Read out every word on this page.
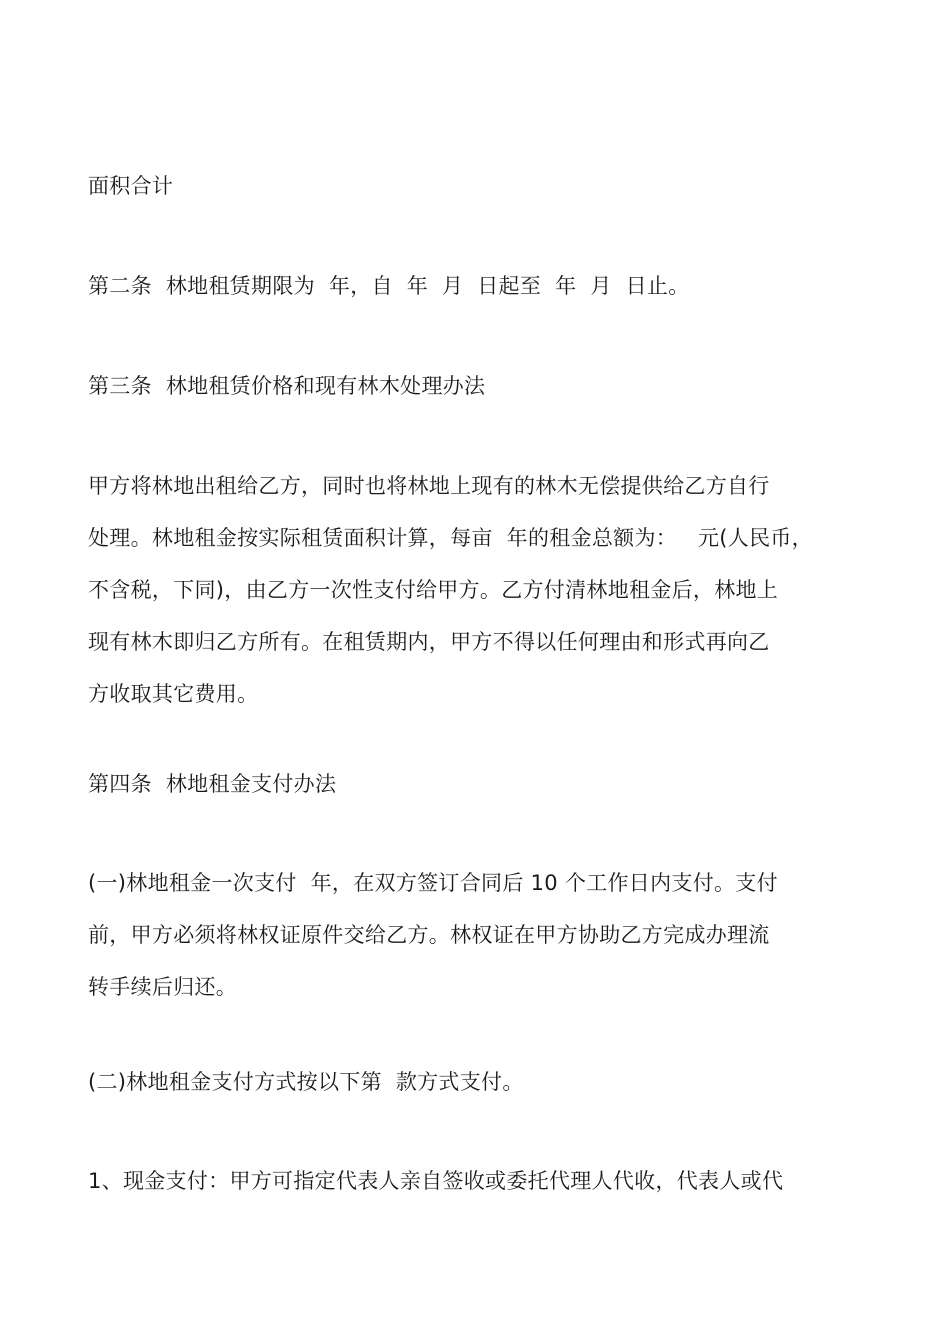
面积合计
第二条  林地租赁期限为  年，自  年  月  日起至  年  月  日止。
第三条  林地租赁价格和现有林木处理办法
甲方将林地出租给乙方，同时也将林地上现有的林木无偿提供给乙方自行
处理。林地租金按实际租赁面积计算，每亩  年的租金总额为：   元(人民币，
不含税，下同)，由乙方一次性支付给甲方。乙方付清林地租金后，林地上
现有林木即归乙方所有。在租赁期内，甲方不得以任何理由和形式再向乙
方收取其它费用。
第四条  林地租金支付办法
(一)林地租金一次支付  年，在双方签订合同后 10 个工作日内支付。支付
前，甲方必须将林权证原件交给乙方。林权证在甲方协助乙方完成办理流
转手续后归还。
(二)林地租金支付方式按以下第  款方式支付。
1、现金支付：甲方可指定代表人亲自签收或委托代理人代收，代表人或代
